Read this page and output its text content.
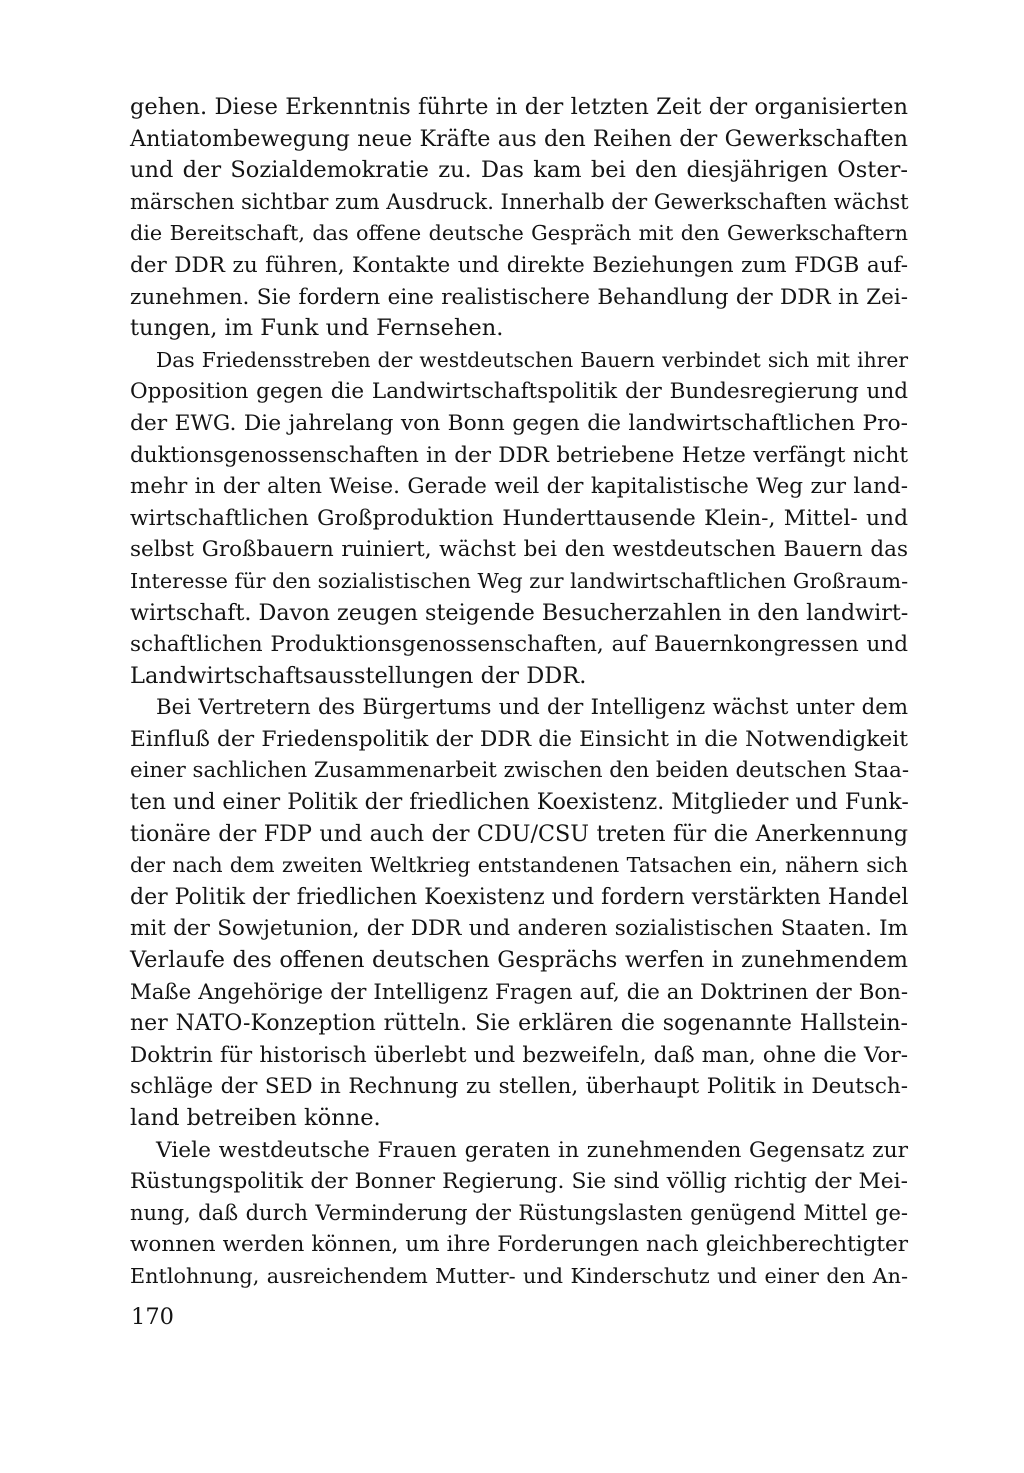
gehen. Diese Erkenntnis führte in der letzten Zeit der organisierten
Antiatombewegung neue Kräfte aus den Reihen der Gewerkschaften
und der Sozialdemokratie zu. Das kam bei den diesjährigen Oster-
märschen sichtbar zum Ausdruck. Innerhalb der Gewerkschaften wächst
die Bereitschaft, das offene deutsche Gespräch mit den Gewerkschaftern
der DDR zu führen, Kontakte und direkte Beziehungen zum FDGB auf-
zunehmen. Sie fordern eine realistischere Behandlung der DDR in Zei-
tungen, im Funk und Fernsehen.
Das Friedensstreben der westdeutschen Bauern verbindet sich mit ihrer
Opposition gegen die Landwirtschaftspolitik der Bundesregierung und
der EWG. Die jahrelang von Bonn gegen die landwirtschaftlichen Pro-
duktionsgenossenschaften in der DDR betriebene Hetze verfängt nicht
mehr in der alten Weise. Gerade weil der kapitalistische Weg zur land-
wirtschaftlichen Großproduktion Hunderttausende Klein-, Mittel- und
selbst Großbauern ruiniert, wächst bei den westdeutschen Bauern das
Interesse für den sozialistischen Weg zur landwirtschaftlichen Großraum-
wirtschaft. Davon zeugen steigende Besucherzahlen in den landwirt-
schaftlichen Produktionsgenossenschaften, auf Bauernkongressen und
Landwirtschaftsausstellungen der DDR.
Bei Vertretern des Bürgertums und der Intelligenz wächst unter dem
Einfluß der Friedenspolitik der DDR die Einsicht in die Notwendigkeit
einer sachlichen Zusammenarbeit zwischen den beiden deutschen Staa-
ten und einer Politik der friedlichen Koexistenz. Mitglieder und Funk-
tionäre der FDP und auch der CDU/CSU treten für die Anerkennung
der nach dem zweiten Weltkrieg entstandenen Tatsachen ein, nähern sich
der Politik der friedlichen Koexistenz und fordern verstärkten Handel
mit der Sowjetunion, der DDR und anderen sozialistischen Staaten. Im
Verlaufe des offenen deutschen Gesprächs werfen in zunehmendem
Maße Angehörige der Intelligenz Fragen auf, die an Doktrinen der Bon-
ner NATO-Konzeption rütteln. Sie erklären die sogenannte Hallstein-
Doktrin für historisch überlebt und bezweifeln, daß man, ohne die Vor-
schläge der SED in Rechnung zu stellen, überhaupt Politik in Deutsch-
land betreiben könne.
Viele westdeutsche Frauen geraten in zunehmenden Gegensatz zur
Rüstungspolitik der Bonner Regierung. Sie sind völlig richtig der Mei-
nung, daß durch Verminderung der Rüstungslasten genügend Mittel ge-
wonnen werden können, um ihre Forderungen nach gleichberechtigter
Entlohnung, ausreichendem Mutter- und Kinderschutz und einer den An-
170
